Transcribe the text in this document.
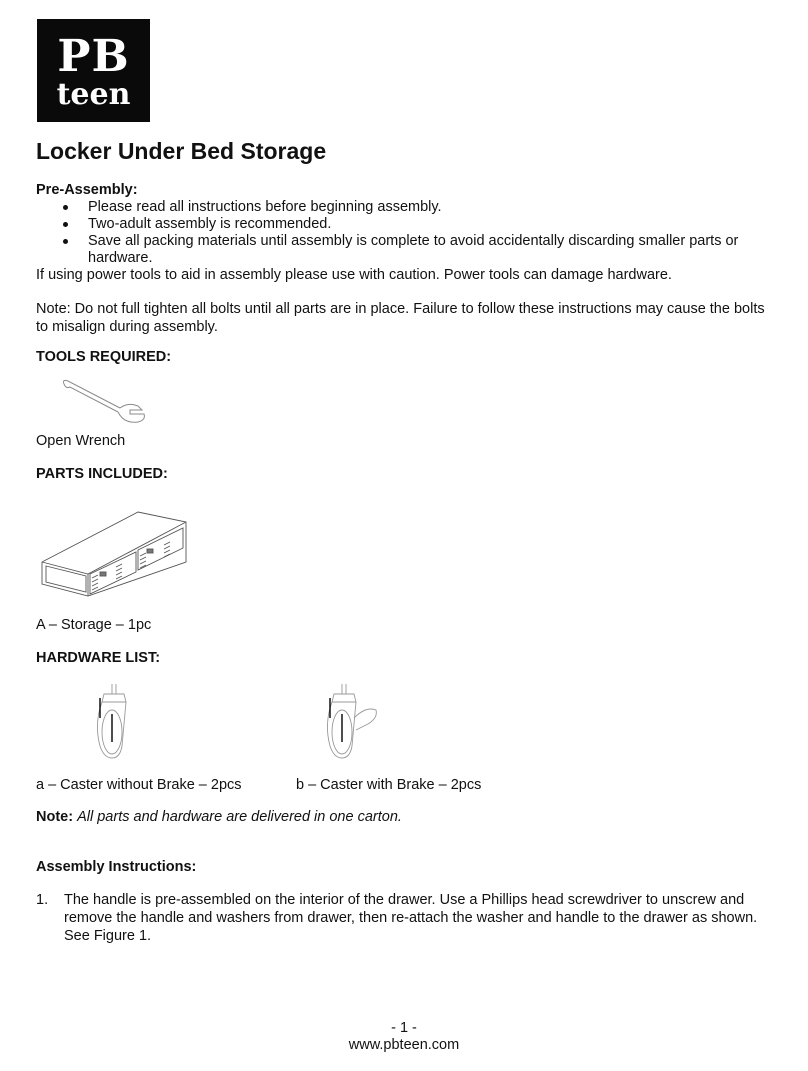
PB
teen
Locker Under Bed Storage
Pre-Assembly:
Please read all instructions before beginning assembly.
Two-adult assembly is recommended.
Save all packing materials until assembly is complete to avoid accidentally discarding smaller parts or hardware.
If using power tools to aid in assembly please use with caution. Power tools can damage hardware.
Note: Do not full tighten all bolts until all parts are in place. Failure to follow these instructions may cause the bolts to misalign during assembly.
TOOLS REQUIRED:
Open Wrench
PARTS INCLUDED:
A – Storage – 1pc
HARDWARE LIST:
a – Caster without Brake – 2pcs	b – Caster with Brake – 2pcs
Note: All parts and hardware are delivered in one carton.
Assembly Instructions:
1.	The handle is pre-assembled on the interior of the drawer. Use a Phillips head screwdriver to unscrew and remove the handle and washers from drawer, then re-attach the washer and handle to the drawer as shown. See Figure 1.
- 1 -
www.pbteen.com
